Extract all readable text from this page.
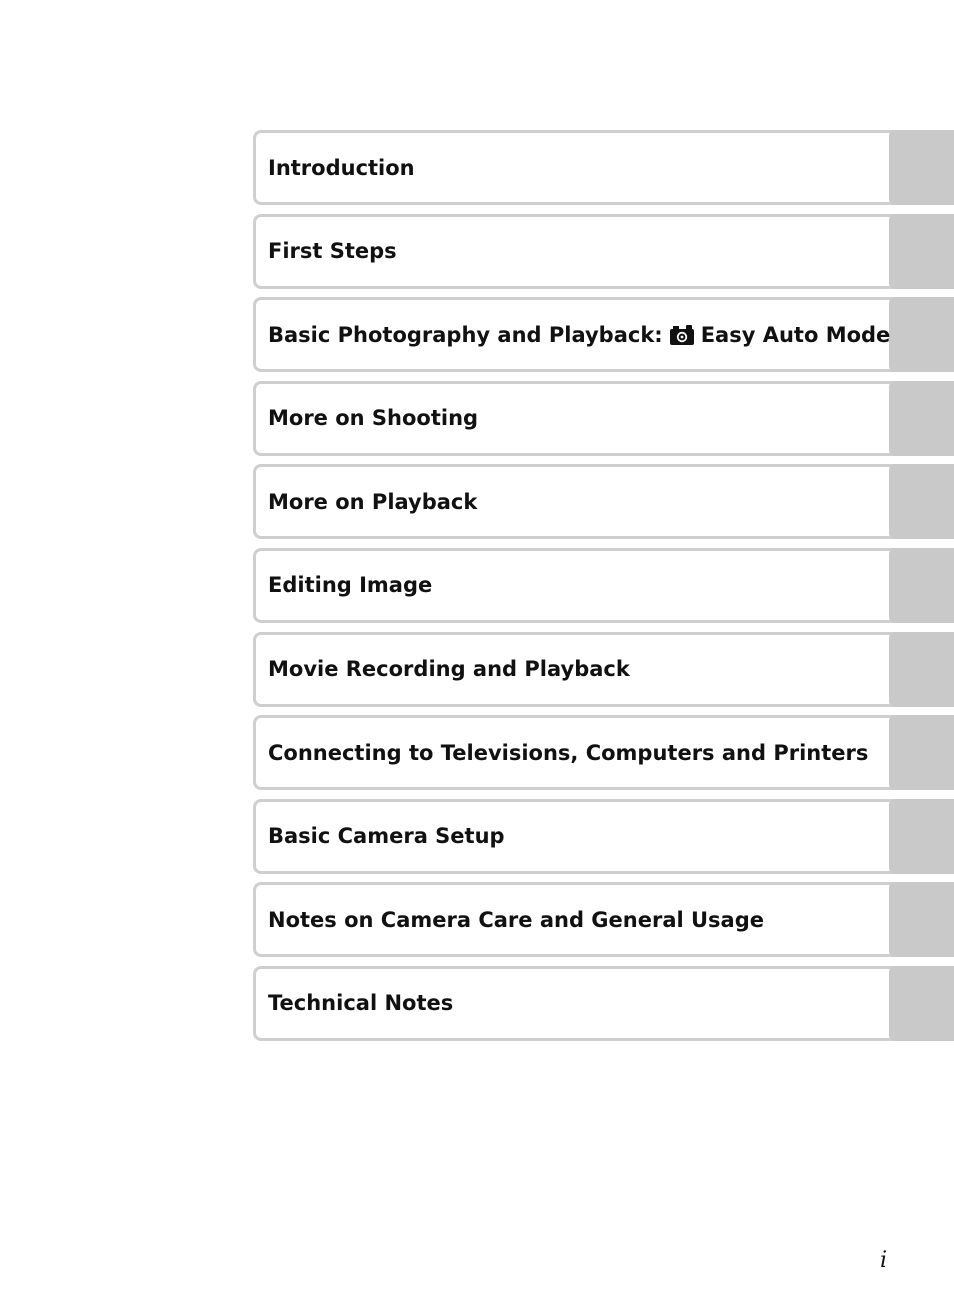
Introduction
First Steps
Basic Photography and Playback: Easy Auto Mode
More on Shooting
More on Playback
Editing Image
Movie Recording and Playback
Connecting to Televisions, Computers and Printers
Basic Camera Setup
Notes on Camera Care and General Usage
Technical Notes
i
